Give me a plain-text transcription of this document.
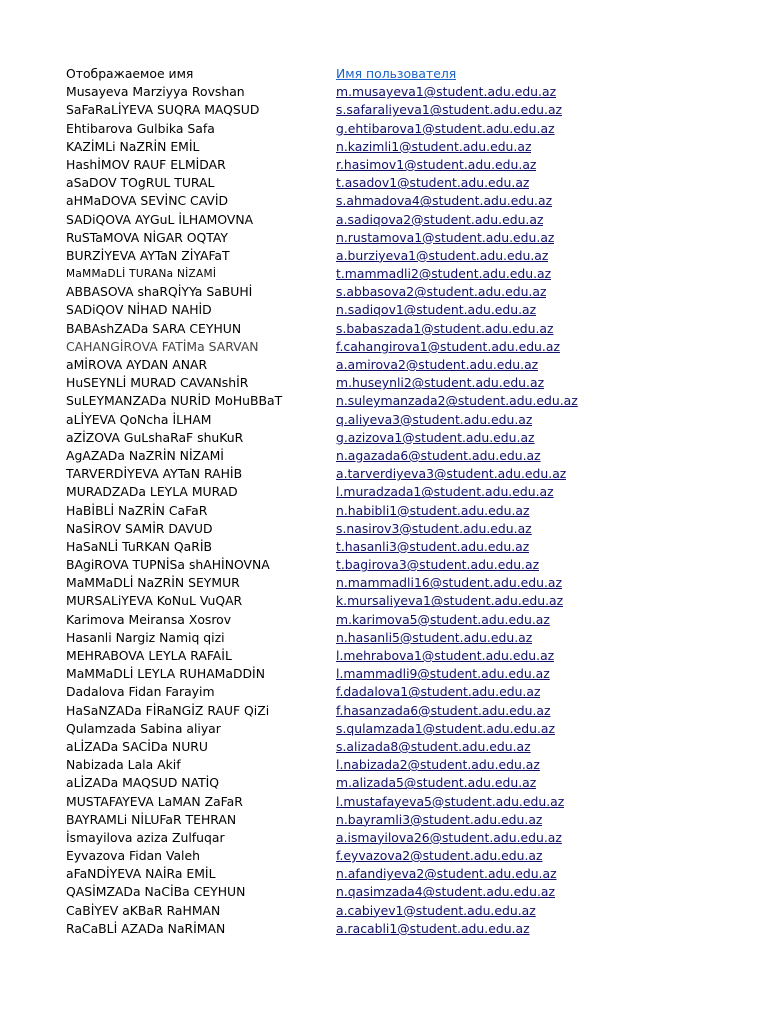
Отображаемое имя	Имя пользователя
Musayeva Marziyya Rovshan	m.musayeva1@student.adu.edu.az
SaFaRaLİYEVA SUQRA MAQSUD	s.safaraliyeva1@student.adu.edu.az
Ehtibarova Gulbika Safa	g.ehtibarova1@student.adu.edu.az
KAZİMLi NaZRİN EMİL	n.kazimli1@student.adu.edu.az
HashİMOV RAUF ELMİDAR	r.hasimov1@student.adu.edu.az
aSaDOV TOgRUL TURAL	t.asadov1@student.adu.edu.az
aHMaDOVA SEVİNC CAVİD	s.ahmadova4@student.adu.edu.az
SADiQOVA AYGuL İLHAMOVNA	a.sadiqova2@student.adu.edu.az
RuSTaMOVA NİGAR OQTAY	n.rustamova1@student.adu.edu.az
BURZİYEVA AYTaN ZİYAFaT	a.burziyeva1@student.adu.edu.az
MaMMaDLİ TURANa NİZAMİ	t.mammadli2@student.adu.edu.az
ABBASOVA shaRQİYYa SaBUHİ	s.abbasova2@student.adu.edu.az
SADiQOV NİHAD NAHİD	n.sadiqov1@student.adu.edu.az
BABAshZADa SARA CEYHUN	s.babaszada1@student.adu.edu.az
CAHANGİROVA FATİMa SARVAN	f.cahangirova1@student.adu.edu.az
aMİROVA AYDAN ANAR	a.amirova2@student.adu.edu.az
HuSEYNLİ MURAD CAVANshİR	m.huseynli2@student.adu.edu.az
SuLEYMANZADa NURİD MoHuBBaT	n.suleymanzada2@student.adu.edu.az
aLİYEVA QoNcha İLHAM	q.aliyeva3@student.adu.edu.az
aZİZOVA GuLshaRaF shuKuR	g.azizova1@student.adu.edu.az
AgAZADa NaZRİN NİZAMİ	n.agazada6@student.adu.edu.az
TARVERDİYEVA AYTaN RAHİB	a.tarverdiyeva3@student.adu.edu.az
MURADZADa LEYLA MURAD	l.muradzada1@student.adu.edu.az
HaBİBLİ NaZRİN CaFaR	n.habibli1@student.adu.edu.az
NaSİROV SAMİR DAVUD	s.nasirov3@student.adu.edu.az
HaSaNLİ TuRKAN QaRİB	t.hasanli3@student.adu.edu.az
BAgiROVA TUPNİSa shAHİNOVNA	t.bagirova3@student.adu.edu.az
MaMMaDLİ NaZRİN SEYMUR	n.mammadli16@student.adu.edu.az
MURSALiYEVA KoNuL VuQAR	k.mursaliyeva1@student.adu.edu.az
Karimova Meiransa Xosrov	m.karimova5@student.adu.edu.az
Hasanli Nargiz Namiq qizi	n.hasanli5@student.adu.edu.az
MEHRABOVA LEYLA RAFAİL	l.mehrabova1@student.adu.edu.az
MaMMaDLİ LEYLA RUHAMaDDİN	l.mammadli9@student.adu.edu.az
Dadalova Fidan Farayim	f.dadalova1@student.adu.edu.az
HaSaNZADa FİRaNGİZ RAUF QiZi	f.hasanzada6@student.adu.edu.az
Qulamzada Sabina aliyar	s.qulamzada1@student.adu.edu.az
aLİZADa SACİDa NURU	s.alizada8@student.adu.edu.az
Nabizada Lala Akif	l.nabizada2@student.adu.edu.az
aLİZADa MAQSUD NATİQ	m.alizada5@student.adu.edu.az
MUSTAFAYEVA LaMAN ZaFaR	l.mustafayeva5@student.adu.edu.az
BAYRAMLi NİLUFaR TEHRAN	n.bayramli3@student.adu.edu.az
İsmayilova aziza Zulfuqar	a.ismayilova26@student.adu.edu.az
Eyvazova Fidan Valeh	f.eyvazova2@student.adu.edu.az
aFaNDİYEVA NAİRa EMİL	n.afandiyeva2@student.adu.edu.az
QASİMZADa NaCİBa CEYHUN	n.qasimzada4@student.adu.edu.az
CaBİYEV aKBaR RaHMAN	a.cabiyev1@student.adu.edu.az
RaCaBLİ AZADa NaRİMAN	a.racabli1@student.adu.edu.az
